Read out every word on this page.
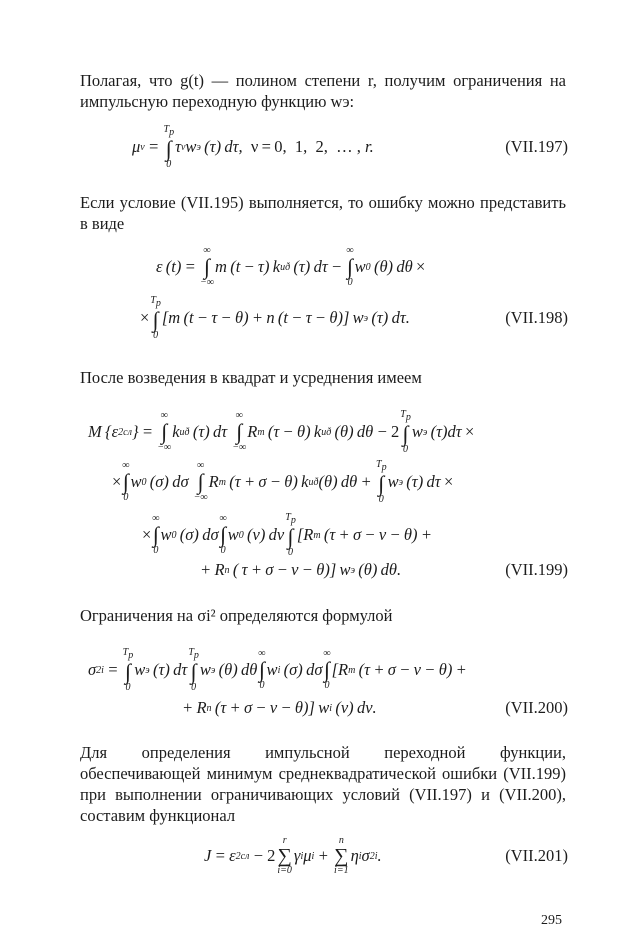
Полагая, что g(t) — полином степени r, получим ограничения на импульсную переходную функцию wэ:
μ ν  = 
$T_p$
∫
0
τ ν w э  (τ) dτ, ν = 0,  1,  2,  … ,
r.	(VII.197)
Если условие (VII.195) выполняется, то ошибку можно представить в виде
ε (t) = 
∞
∫
−∞
m (t − τ) k иð  (τ) dτ − 
∞
∫
0
w 0  (θ) dθ  ×
×
$T_p$
∫
0
[m (t − τ − θ) + n (t − τ − θ)] w э  (τ) dτ.	(VII.198)
После возведения в квадрат и усреднения имеем
M {ε 2 cл } = 
∞
∫
−∞
k иð  (τ) dτ
∞
∫
−∞
R m  (τ − θ) k иð  (θ) dθ −  2
$T_p$
∫
0
w э  (τ)dτ  ×
×
∞
∫
0
w 0  (σ) dσ
∞
∫
−∞
R m  (τ + σ − θ) k иð (θ) dθ + 
$T_p$
∫
0
w э  (τ) dτ  ×
×
∞
∫
0
w 0  (σ) dσ
∞
∫
0
w 0  (ν) dν
$T_p$
∫
0
[R m  (τ + σ − ν − θ) +
+ R n  ( τ + σ − ν − θ)] w э  (θ) dθ.	(VII.199)
Ограничения на σi² определяются формулой
σ 2 i  = 
$T_p$
∫
0
w э  (τ) dτ
$T_p$
∫
0
w э  (θ) dθ
∞
∫
0
w i  (σ) dσ
∞
∫
0
[R m  (τ + σ − ν − θ) +
+ R n  (τ + σ − ν − θ)] w i  (ν) dν.	(VII.200)
Для определения импульсной переходной функции, обеспечивающей минимум среднеквадратической ошибки (VII.199) при выполнении ограничивающих условий (VII.197) и (VII.200), составим функционал
J = ε 2 cл  −  2
r
∑
i=0
γ i μ i  + 
n
∑
i=1
η i σ 2 i .	(VII.201)
295
